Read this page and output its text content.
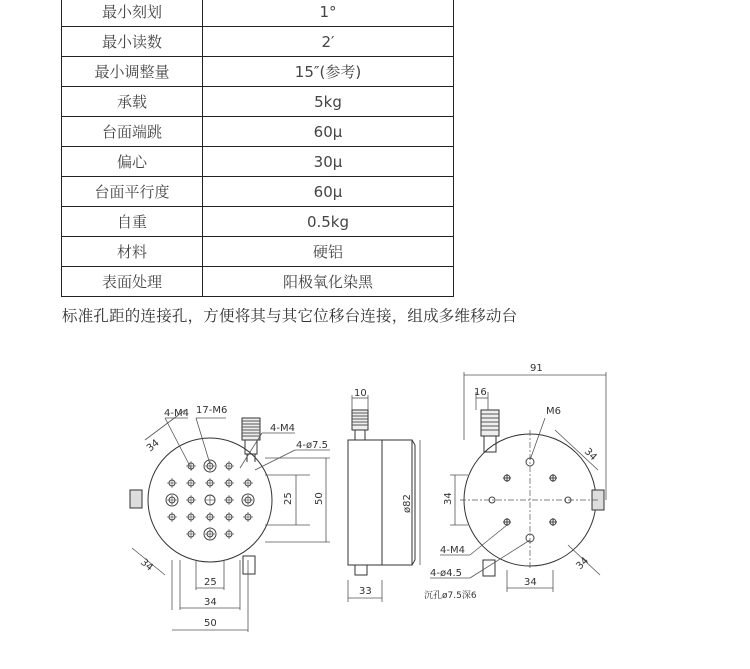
最小刻划	1°
最小读数	2′
最小调整量	15″(参考)
承载	5kg
台面端跳	60μ
偏心	30μ
台面平行度	60μ
自重	0.5kg
材料	硬铝
表面处理	阳极氧化染黑
标准孔距的连接孔，方便将其与其它位移台连接，组成多维移动台
4-M4 17-M6
4-M4
4-ø7.5
34
34
25 50
25
34
50
10
ø82
33
91
16
M6
34
34
4-M4
4-ø4.5
沉孔ø7.5深6
34
34
